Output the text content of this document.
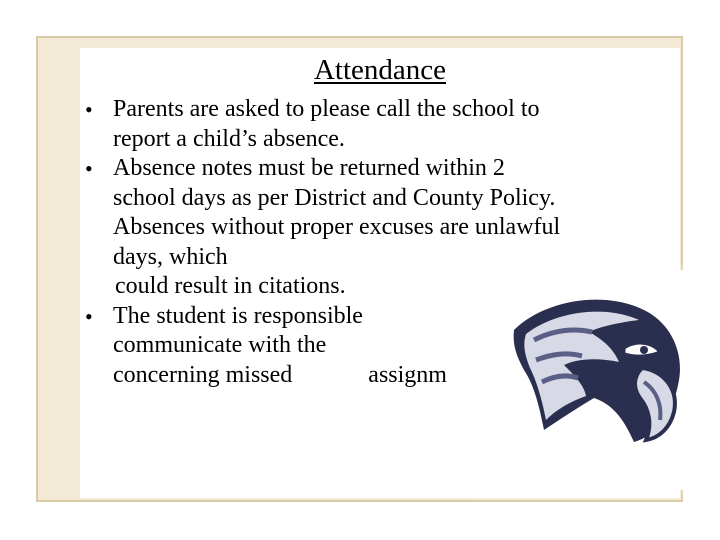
Attendance
• Parents are asked to please call the school to
report a child’s absence.
• Absence notes must be returned within 2
school days as per District and County Policy.
Absences without proper excuses are unlawful
days, which
could result in citations.
• The student is responsible
communicate with the
concerning missed	assignm
